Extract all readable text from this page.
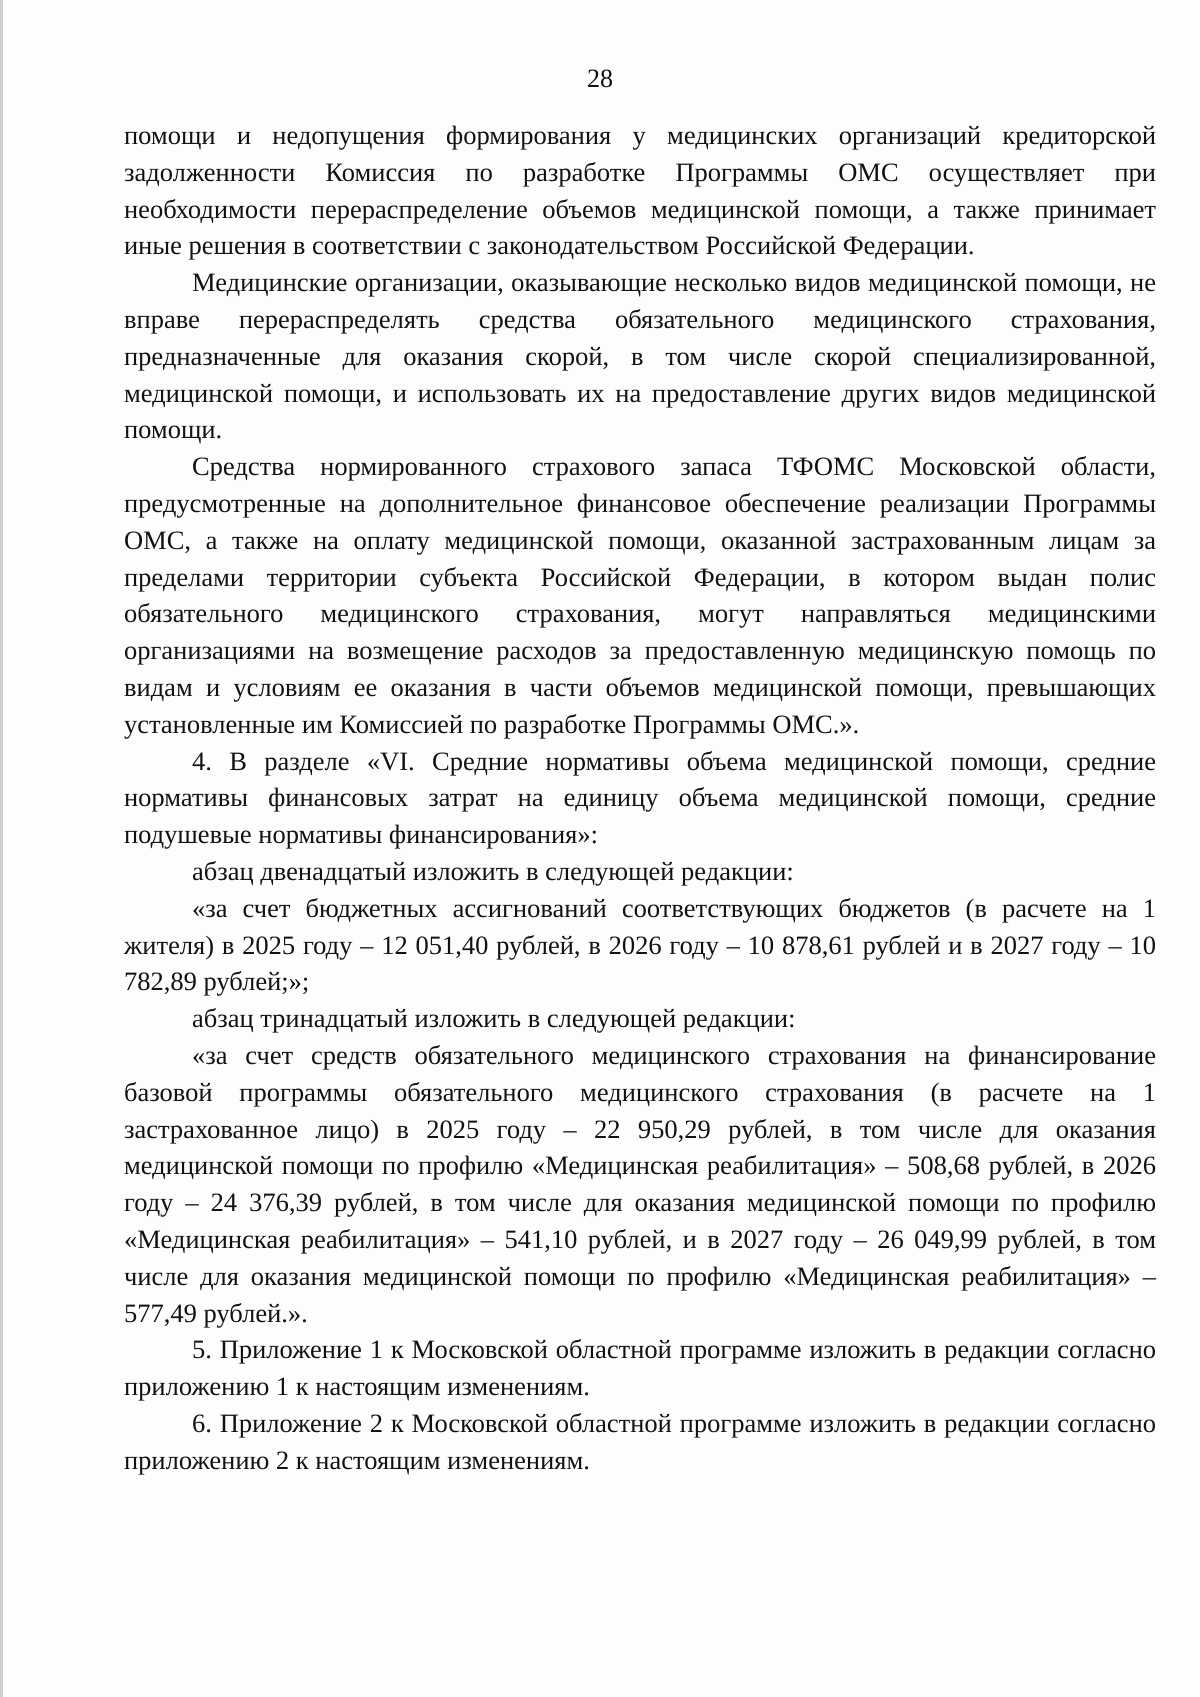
28

помощи и недопущения формирования у медицинских организаций кредиторской задолженности Комиссия по разработке Программы ОМС осуществляет при необходимости перераспределение объемов медицинской помощи, а также принимает иные решения в соответствии с законодательством Российской Федерации.

Медицинские организации, оказывающие несколько видов медицинской помощи, не вправе перераспределять средства обязательного медицинского страхования, предназначенные для оказания скорой, в том числе скорой специализированной, медицинской помощи, и использовать их на предоставление других видов медицинской помощи.

Средства нормированного страхового запаса ТФОМС Московской области, предусмотренные на дополнительное финансовое обеспечение реализации Программы ОМС, а также на оплату медицинской помощи, оказанной застрахованным лицам за пределами территории субъекта Российской Федерации, в котором выдан полис обязательного медицинского страхования, могут направляться медицинскими организациями на возмещение расходов за предоставленную медицинскую помощь по видам и условиям ее оказания в части объемов медицинской помощи, превышающих установленные им Комиссией по разработке Программы ОМС.».

4. В разделе «VI. Средние нормативы объема медицинской помощи, средние нормативы финансовых затрат на единицу объема медицинской помощи, средние подушевые нормативы финансирования»:

абзац двенадцатый изложить в следующей редакции:

«за счет бюджетных ассигнований соответствующих бюджетов (в расчете на 1 жителя) в 2025 году – 12 051,40 рублей, в 2026 году – 10 878,61 рублей и в 2027 году – 10 782,89 рублей;»;

абзац тринадцатый изложить в следующей редакции:

«за счет средств обязательного медицинского страхования на финансирование базовой программы обязательного медицинского страхования (в расчете на 1 застрахованное лицо) в 2025 году – 22 950,29 рублей, в том числе для оказания медицинской помощи по профилю «Медицинская реабилитация» – 508,68 рублей, в 2026 году – 24 376,39 рублей, в том числе для оказания медицинской помощи по профилю «Медицинская реабилитация» – 541,10 рублей, и в 2027 году – 26 049,99 рублей, в том числе для оказания медицинской помощи по профилю «Медицинская реабилитация» – 577,49 рублей.».

5. Приложение 1 к Московской областной программе изложить в редакции согласно приложению 1 к настоящим изменениям.

6. Приложение 2 к Московской областной программе изложить в редакции согласно приложению 2 к настоящим изменениям.
